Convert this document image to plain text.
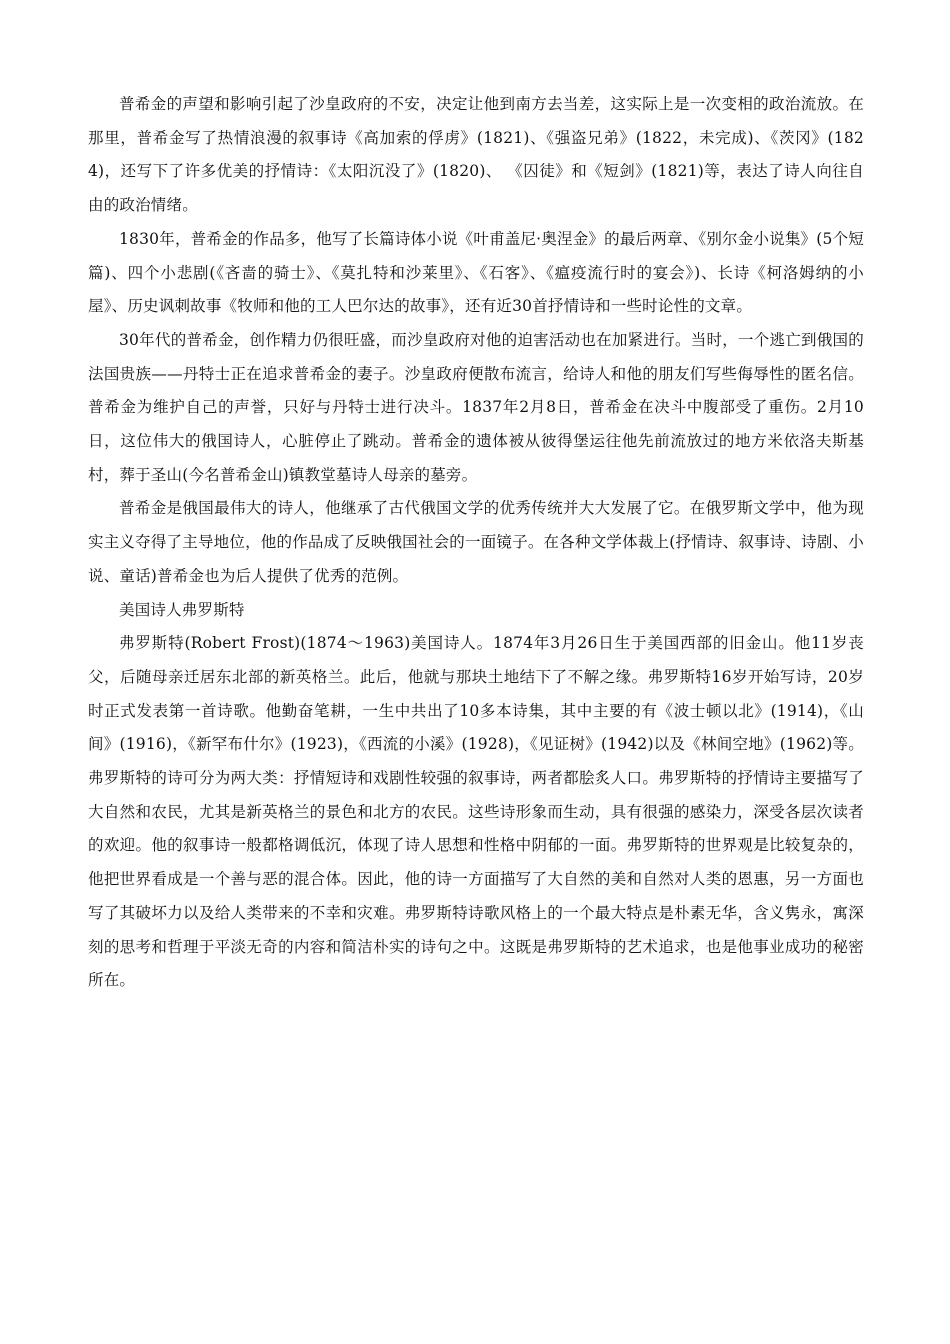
普希金的声望和影响引起了沙皇政府的不安，决定让他到南方去当差，这实际上是一次变相的政治流放。在那里，普希金写了热情浪漫的叙事诗《高加索的俘虏》(1821)、《强盗兄弟》(1822，未完成)、《茨冈》(1824)，还写下了许多优美的抒情诗：《太阳沉没了》(1820)、 《囚徒》和《短剑》(1821)等，表达了诗人向往自由的政治情绪。

1830年，普希金的作品多，他写了长篇诗体小说《叶甫盖尼·奥涅金》的最后两章、《别尔金小说集》(5个短篇)、四个小悲剧(《吝啬的骑士》、《莫扎特和沙莱里》、《石客》、《瘟疫流行时的宴会》)、长诗《柯洛姆纳的小屋》、历史讽刺故事《牧师和他的工人巴尔达的故事》，还有近30首抒情诗和一些时论性的文章。

30年代的普希金，创作精力仍很旺盛，而沙皇政府对他的迫害活动也在加紧进行。当时，一个逃亡到俄国的法国贵族——丹特士正在追求普希金的妻子。沙皇政府便散布流言，给诗人和他的朋友们写些侮辱性的匿名信。普希金为维护自己的声誉，只好与丹特士进行决斗。1837年2月8日，普希金在决斗中腹部受了重伤。2月10日，这位伟大的俄国诗人，心脏停止了跳动。普希金的遗体被从彼得堡运往他先前流放过的地方米依洛夫斯基村，葬于圣山(今名普希金山)镇教堂墓诗人母亲的墓旁。

普希金是俄国最伟大的诗人，他继承了古代俄国文学的优秀传统并大大发展了它。在俄罗斯文学中，他为现实主义夺得了主导地位，他的作品成了反映俄国社会的一面镜子。在各种文学体裁上(抒情诗、叙事诗、诗剧、小说、童话)普希金也为后人提供了优秀的范例。

美国诗人弗罗斯特

弗罗斯特(Robert Frost)(1874～1963)美国诗人。1874年3月26日生于美国西部的旧金山。他11岁丧父，后随母亲迁居东北部的新英格兰。此后，他就与那块土地结下了不解之缘。弗罗斯特16岁开始写诗，20岁时正式发表第一首诗歌。他勤奋笔耕，一生中共出了10多本诗集，其中主要的有《波士顿以北》(1914)，《山间》(1916)，《新罕布什尔》(1923)，《西流的小溪》(1928)，《见证树》(1942)以及《林间空地》(1962)等。弗罗斯特的诗可分为两大类：抒情短诗和戏剧性较强的叙事诗，两者都脍炙人口。弗罗斯特的抒情诗主要描写了大自然和农民，尤其是新英格兰的景色和北方的农民。这些诗形象而生动，具有很强的感染力，深受各层次读者的欢迎。他的叙事诗一般都格调低沉，体现了诗人思想和性格中阴郁的一面。弗罗斯特的世界观是比较复杂的，他把世界看成是一个善与恶的混合体。因此，他的诗一方面描写了大自然的美和自然对人类的恩惠，另一方面也写了其破坏力以及给人类带来的不幸和灾难。弗罗斯特诗歌风格上的一个最大特点是朴素无华，含义隽永，寓深刻的思考和哲理于平淡无奇的内容和简洁朴实的诗句之中。这既是弗罗斯特的艺术追求，也是他事业成功的秘密所在。
